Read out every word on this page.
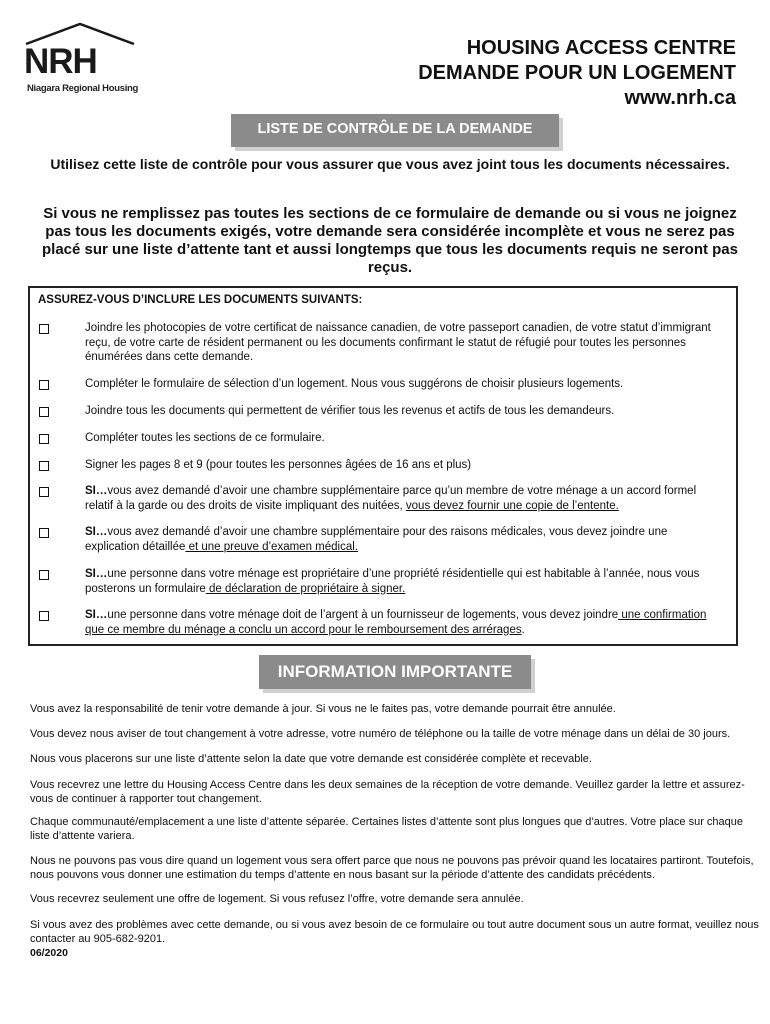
NRH
Niagara Regional Housing
HOUSING ACCESS CENTRE
DEMANDE POUR UN LOGEMENT
www.nrh.ca
LISTE DE CONTRÔLE DE LA DEMANDE
Utilisez cette liste de contrôle pour vous assurer que vous avez joint tous les documents nécessaires.
Si vous ne remplissez pas toutes les sections de ce formulaire de demande ou si vous ne joignez pas tous les documents exigés, votre demande sera considérée incomplète et vous ne serez pas placé sur une liste d’attente tant et aussi longtemps que tous les documents requis ne seront pas reçus.
ASSUREZ-VOUS D’INCLURE LES DOCUMENTS SUIVANTS:
Joindre les photocopies de votre certificat de naissance canadien, de votre passeport canadien, de votre statut d’immigrant reçu, de votre carte de résident permanent ou les documents confirmant le statut de réfugié pour toutes les personnes énumérées dans cette demande.
Compléter le formulaire de sélection d’un logement. Nous vous suggérons de choisir plusieurs logements.
Joindre tous les documents qui permettent de vérifier tous les revenus et actifs de tous les demandeurs.
Compléter toutes les sections de ce formulaire.
Signer les pages 8 et 9 (pour toutes les personnes âgées de 16 ans et plus)
SI…vous avez demandé d’avoir une chambre supplémentaire parce qu’un membre de votre ménage a un accord formel relatif à la garde ou des droits de visite impliquant des nuitées, vous devez fournir une copie de l’entente.
SI…vous avez demandé d’avoir une chambre supplémentaire pour des raisons médicales, vous devez joindre une explication détaillée et une preuve d’examen médical.
SI…une personne dans votre ménage est propriétaire d’une propriété résidentielle qui est habitable à l’année, nous vous posterons un formulaire de déclaration de propriétaire à signer.
SI…une personne dans votre ménage doit de l’argent à un fournisseur de logements, vous devez joindre une confirmation que ce membre du ménage a conclu un accord pour le remboursement des arrérages.
INFORMATION IMPORTANTE
Vous avez la responsabilité de tenir votre demande à jour. Si vous ne le faites pas, votre demande pourrait être annulée.
Vous devez nous aviser de tout changement à votre adresse, votre numéro de téléphone ou la taille de votre ménage dans un délai de 30 jours.
Nous vous placerons sur une liste d’attente selon la date que votre demande est considérée complète et recevable.
Vous recevrez une lettre du Housing Access Centre dans les deux semaines de la réception de votre demande. Veuillez garder la lettre et assurez-vous de continuer à rapporter tout changement.
Chaque communauté/emplacement a une liste d’attente séparée. Certaines listes d’attente sont plus longues que d’autres. Votre place sur chaque liste d’attente variera.
Nous ne pouvons pas vous dire quand un logement vous sera offert parce que nous ne pouvons pas prévoir quand les locataires partiront. Toutefois, nous pouvons vous donner une estimation du temps d’attente en nous basant sur la période d’attente des candidats précédents.
Vous recevrez seulement une offre de logement. Si vous refusez l’offre, votre demande sera annulée.
Si vous avez des problèmes avec cette demande, ou si vous avez besoin de ce formulaire ou tout autre document sous un autre format, veuillez nous contacter au 905-682-9201.
06/2020
